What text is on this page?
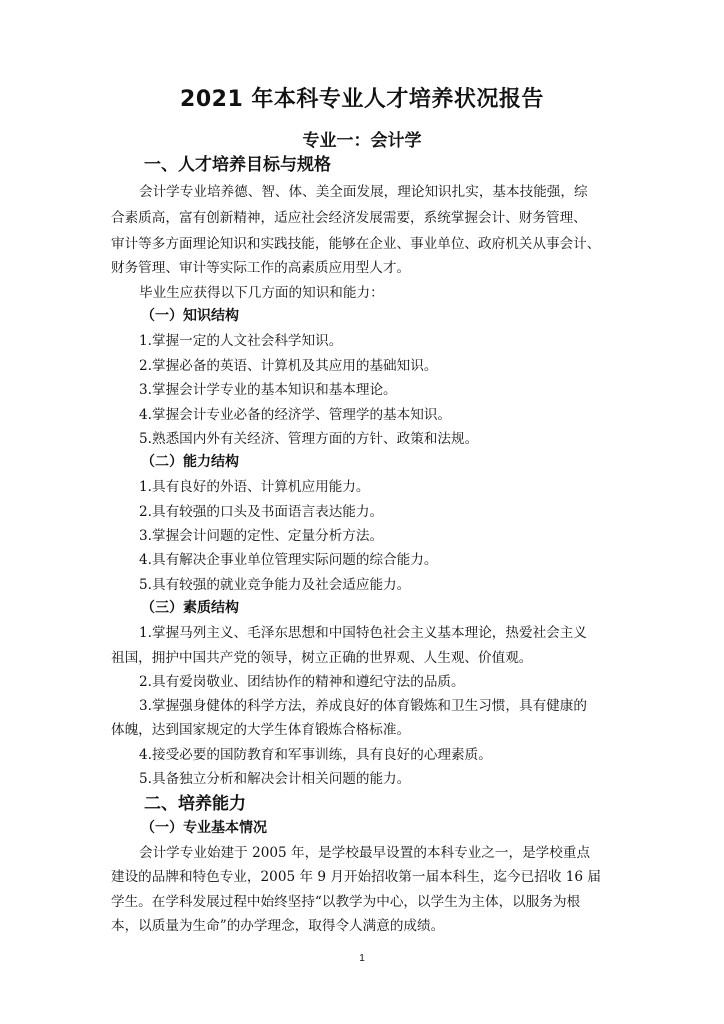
2021 年本科专业人才培养状况报告
专业一：会计学
一、人才培养目标与规格
会计学专业培养德、智、体、美全面发展，理论知识扎实，基本技能强，综
合素质高，富有创新精神，适应社会经济发展需要，系统掌握会计、财务管理、
审计等多方面理论知识和实践技能，能够在企业、事业单位、政府机关从事会计、
财务管理、审计等实际工作的高素质应用型人才。
毕业生应获得以下几方面的知识和能力：
（一）知识结构
1.掌握一定的人文社会科学知识。
2.掌握必备的英语、计算机及其应用的基础知识。
3.掌握会计学专业的基本知识和基本理论。
4.掌握会计专业必备的经济学、管理学的基本知识。
5.熟悉国内外有关经济、管理方面的方针、政策和法规。
（二）能力结构
1.具有良好的外语、计算机应用能力。
2.具有较强的口头及书面语言表达能力。
3.掌握会计问题的定性、定量分析方法。
4.具有解决企事业单位管理实际问题的综合能力。
5.具有较强的就业竞争能力及社会适应能力。
（三）素质结构
1.掌握马列主义、毛泽东思想和中国特色社会主义基本理论，热爱社会主义
祖国，拥护中国共产党的领导，树立正确的世界观、人生观、价值观。
2.具有爱岗敬业、团结协作的精神和遵纪守法的品质。
3.掌握强身健体的科学方法，养成良好的体育锻炼和卫生习惯，具有健康的
体魄，达到国家规定的大学生体育锻炼合格标准。
4.接受必要的国防教育和军事训练，具有良好的心理素质。
5.具备独立分析和解决会计相关问题的能力。
二、培养能力
（一）专业基本情况
会计学专业始建于 2005 年，是学校最早设置的本科专业之一，是学校重点
建设的品牌和特色专业，2005 年 9 月开始招收第一届本科生，迄今已招收 16 届
学生。在学科发展过程中始终坚持“以教学为中心，以学生为主体，以服务为根
本，以质量为生命”的办学理念，取得令人满意的成绩。
1
